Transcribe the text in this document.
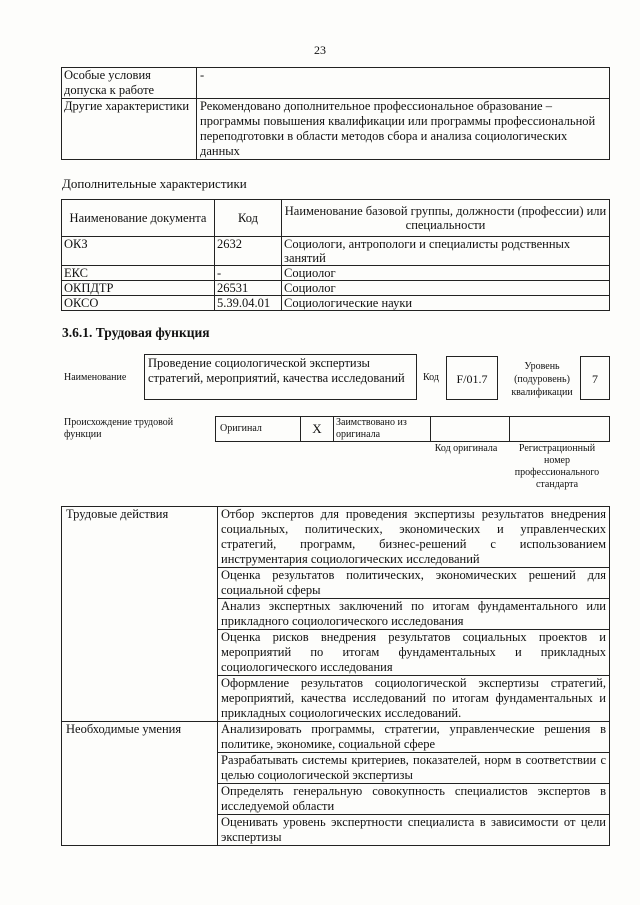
23
Особые условия допуска к работе	-
Другие характеристики	Рекомендовано дополнительное профессиональное образование – программы повышения квалификации или программы профессиональной переподготовки в области методов сбора и анализа социологических данных
Дополнительные характеристики
Наименование документа	Код	Наименование базовой группы, должности (профессии) или специальности
ОКЗ	2632	Социологи, антропологи и специалисты родственных занятий
ЕКС	-	Социолог
ОКПДТР	26531	Социолог
ОКСО	5.39.04.01	Социологические науки
3.6.1. Трудовая функция
Наименование
Проведение социологической экспертизы стратегий, мероприятий, качества исследований	Код	F/01.7
Уровень (подуровень) квалификации
7
Происхождение трудовой функции
Оригинал	X	Заимствовано из оригинала		
Код оригинала	Регистрационный номер профессионального стандарта
Трудовые действия	Отбор экспертов для проведения экспертизы результатов внедрения социальных, политических, экономических и управленческих стратегий, программ, бизнес-решений с использованием инструментария социологических исследований
	Оценка результатов политических, экономических решений для социальной сферы
	Анализ экспертных заключений по итогам фундаментального или прикладного социологического исследования
	Оценка рисков внедрения результатов социальных проектов и мероприятий по итогам фундаментальных и прикладных социологического исследования
	Оформление результатов социологической экспертизы стратегий, мероприятий, качества исследований по итогам фундаментальных и прикладных социологических исследований.
Необходимые умения	Анализировать программы, стратегии, управленческие решения в политике, экономике, социальной сфере
	Разрабатывать системы критериев, показателей, норм в соответствии с целью социологической экспертизы
	Определять генеральную совокупность специалистов экспертов в исследуемой области
	Оценивать уровень экспертности специалиста в зависимости от цели экспертизы
